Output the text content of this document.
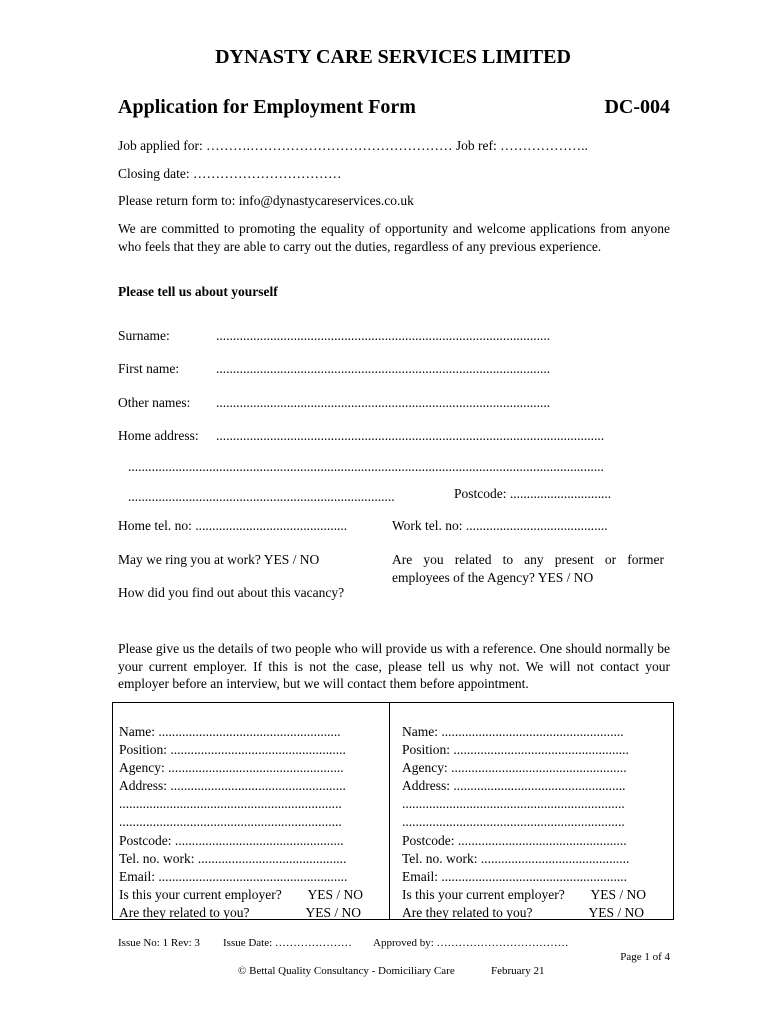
DYNASTY CARE SERVICES LIMITED
Application for Employment Form	DC-004
Job applied for: ……….……………………………………… Job ref: ………………..
Closing date: ……………………………
Please return form to: info@dynastycareservices.co.uk
We are committed to promoting the equality of opportunity and welcome applications from anyone who feels that they are able to carry out the duties, regardless of any previous experience.
Please tell us about yourself
Surname:	...................................................................................................
First name:	...................................................................................................
Other names: ...................................................................................................
Home address: ...................................................................................................................
.............................................................................................................................................
...............................................................................	Postcode: ..............................
Home tel. no: .............................................	Work tel. no: ..........................................
May we ring you at work? YES / NO	Are you related to any present or former employees of the Agency? YES / NO
How did you find out about this vacancy?
Please give us the details of two people who will provide us with a reference. One should normally be your current employer. If this is not the case, please tell us why not. We will not contact your employer before an interview, but we will contact them before appointment.
Name: ......................................................
Position: ....................................................
Agency: ....................................................
Address: ....................................................
..................................................................
..................................................................
Postcode: ..................................................
Tel. no. work: ............................................
Email: ........................................................
Is this your current employer? YES / NO
Are they related to you?	YES / NO
Name: ......................................................
Position: ....................................................
Agency: ....................................................
Address: ...................................................
..................................................................
..................................................................
Postcode: ..................................................
Tel. no. work: ............................................
Email: .......................................................
Is this your current employer? YES / NO
Are they related to you?	YES / NO
Issue No: 1 Rev: 3 Issue Date: ………………… Approved by: ………………………………
Page 1 of 4
© Bettal Quality Consultancy - Domiciliary Care	February 21
